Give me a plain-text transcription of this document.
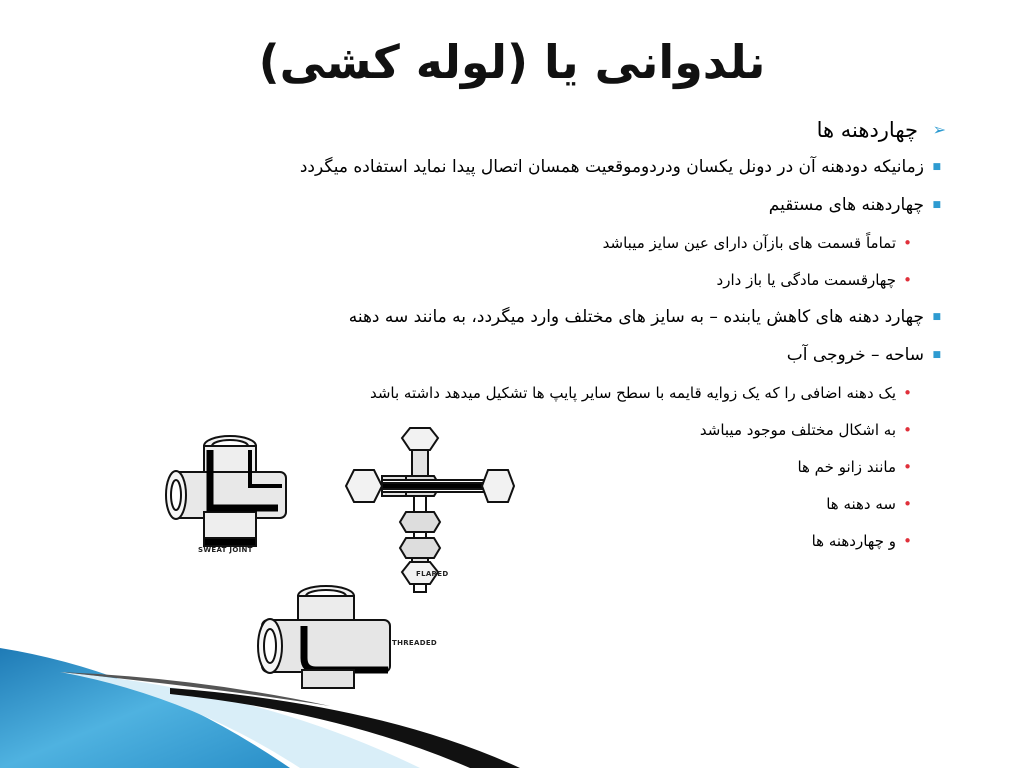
نلدوانی یا (لوله کشی)
➢
چهاردهنه ها
■
زمانیکه دودهنه آن در دونل یکسان ودردوموقعیت همسان اتصال پیدا نماید استفاده میگردد
■
چهاردهنه های مستقیم
•
تماماً قسمت های بازآن دارای عین سایز میباشد
•
چهارقسمت مادگی یا باز دارد
■
چهارد دهنه های کاهش یابنده – به سایز های مختلف وارد میگردد، به مانند سه دهنه
■
ساحه – خروجی آب
•
یک دهنه اضافی را که یک زوایه قایمه با سطح سایر پایپ ها تشکیل میدهد داشته باشد
•
به اشکال مختلف موجود میباشد
•
مانند زانو خم ها
•
سه دهنه ها
•
و چهاردهنه ها
SWEAT JOINT
FLARED
THREADED
